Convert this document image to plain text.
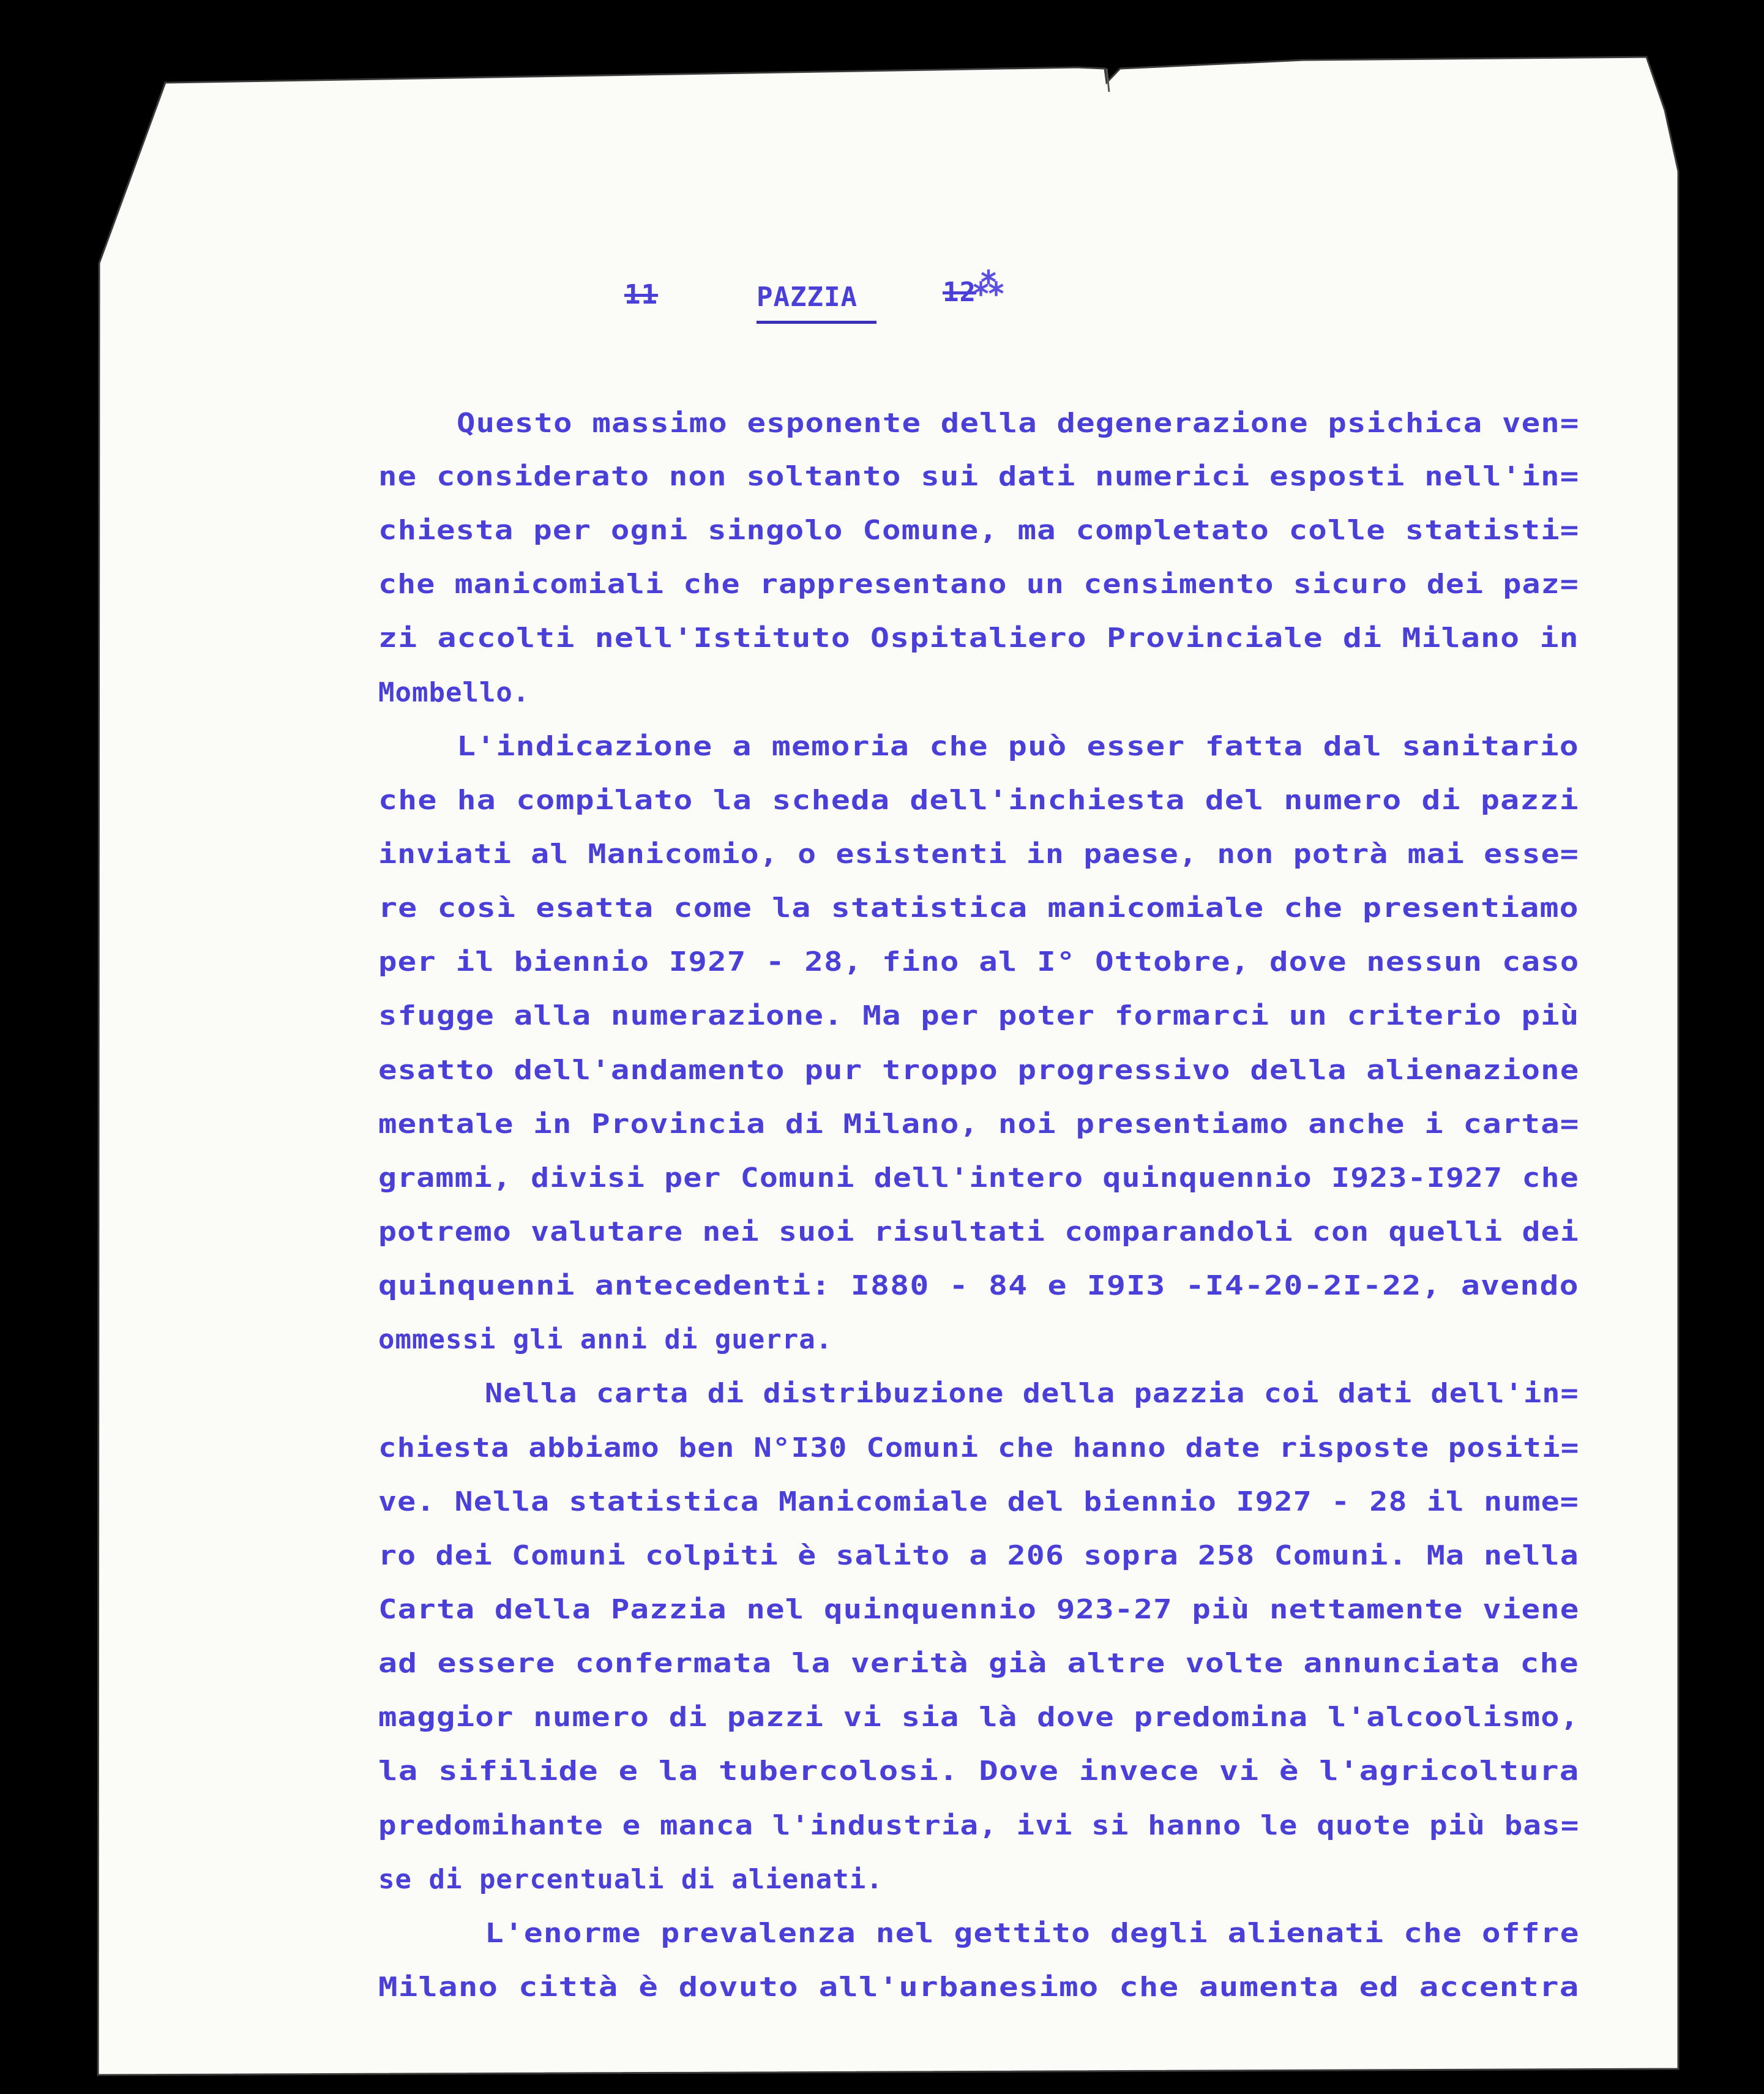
11	PAZZIA	12
⁂
Questo massimo esponente della degenerazione psichica ven=
ne considerato non soltanto sui dati numerici esposti nell'in=
chiesta per ogni singolo Comune, ma completato colle statisti=
che manicomiali che rappresentano un censimento sicuro dei paz=
zi accolti nell'Istituto Ospitaliero Provinciale di Milano in
Mombello.
L'indicazione a memoria che può esser fatta dal sanitario
che ha compilato la scheda dell'inchiesta del numero di pazzi
inviati al Manicomio, o esistenti in paese, non potrà mai esse=
re così esatta come la statistica manicomiale che presentiamo
per il biennio I927 - 28, fino al I° Ottobre, dove nessun caso
sfugge alla numerazione. Ma per poter formarci un criterio più
esatto dell'andamento pur troppo progressivo della alienazione
mentale in Provincia di Milano, noi presentiamo anche i carta=
grammi, divisi per Comuni dell'intero quinquennio I923-I927 che
potremo valutare nei suoi risultati comparandoli con quelli dei
quinquenni antecedenti: I880 - 84 e I9I3 -I4-20-2I-22, avendo
ommessi gli anni di guerra.
Nella carta di distribuzione della pazzia coi dati dell'in=
chiesta abbiamo ben N°I30 Comuni che hanno date risposte positi=
ve. Nella statistica Manicomiale del biennio I927 - 28 il nume=
ro dei Comuni colpiti è salito a 206 sopra 258 Comuni. Ma nella
Carta della Pazzia nel quinquennio 923-27 più nettamente viene
ad essere confermata la verità già altre volte annunciata che
maggior numero di pazzi vi sia là dove predomina l'alcoolismo,
la sifilide e la tubercolosi. Dove invece vi è l'agricoltura
predomihante e manca l'industria, ivi si hanno le quote più bas=
se di percentuali di alienati.
L'enorme prevalenza nel gettito degli alienati che offre
Milano città è dovuto all'urbanesimo che aumenta ed accentra
